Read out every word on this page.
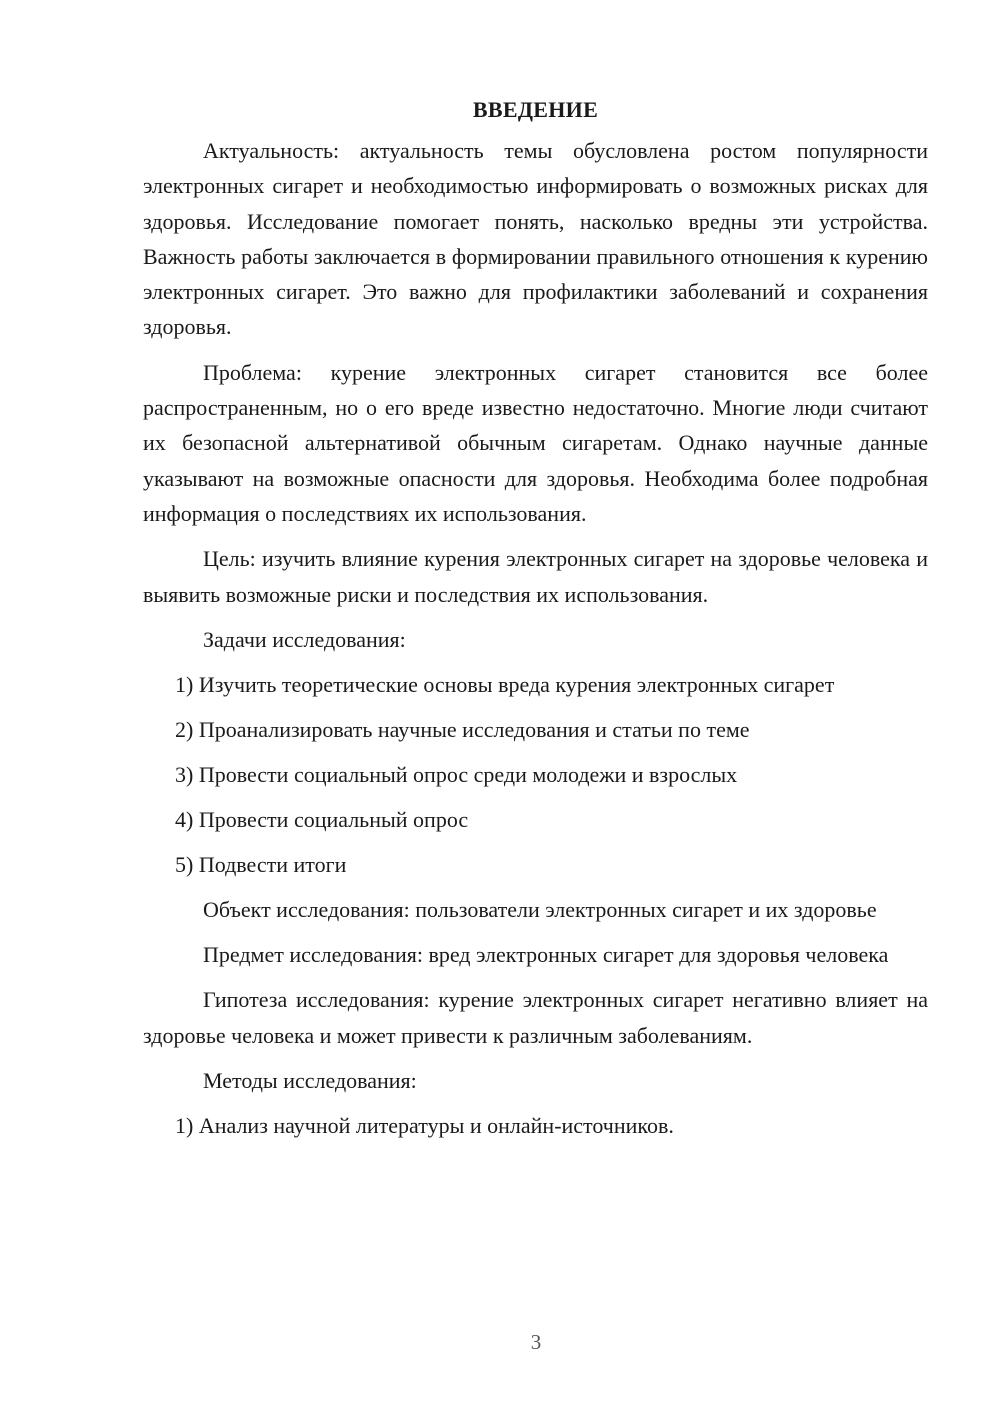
ВВЕДЕНИЕ

Актуальность: актуальность темы обусловлена ростом популярности электронных сигарет и необходимостью информировать о возможных рисках для здоровья. Исследование помогает понять, насколько вредны эти устройства. Важность работы заключается в формировании правильного отношения к курению электронных сигарет. Это важно для профилактики заболеваний и сохранения здоровья.

Проблема: курение электронных сигарет становится все более распространенным, но о его вреде известно недостаточно. Многие люди считают их безопасной альтернативой обычным сигаретам. Однако научные данные указывают на возможные опасности для здоровья. Необходима более подробная информация о последствиях их использования.

Цель: изучить влияние курения электронных сигарет на здоровье человека и выявить возможные риски и последствия их использования.

Задачи исследования:
1) Изучить теоретические основы вреда курения электронных сигарет
2) Проанализировать научные исследования и статьи по теме
3) Провести социальный опрос среди молодежи и взрослых
4) Провести социальный опрос
5) Подвести итоги

Объект исследования: пользователи электронных сигарет и их здоровье

Предмет исследования: вред электронных сигарет для здоровья человека

Гипотеза исследования: курение электронных сигарет негативно влияет на здоровье человека и может привести к различным заболеваниям.

Методы исследования:
1) Анализ научной литературы и онлайн-источников.
3
